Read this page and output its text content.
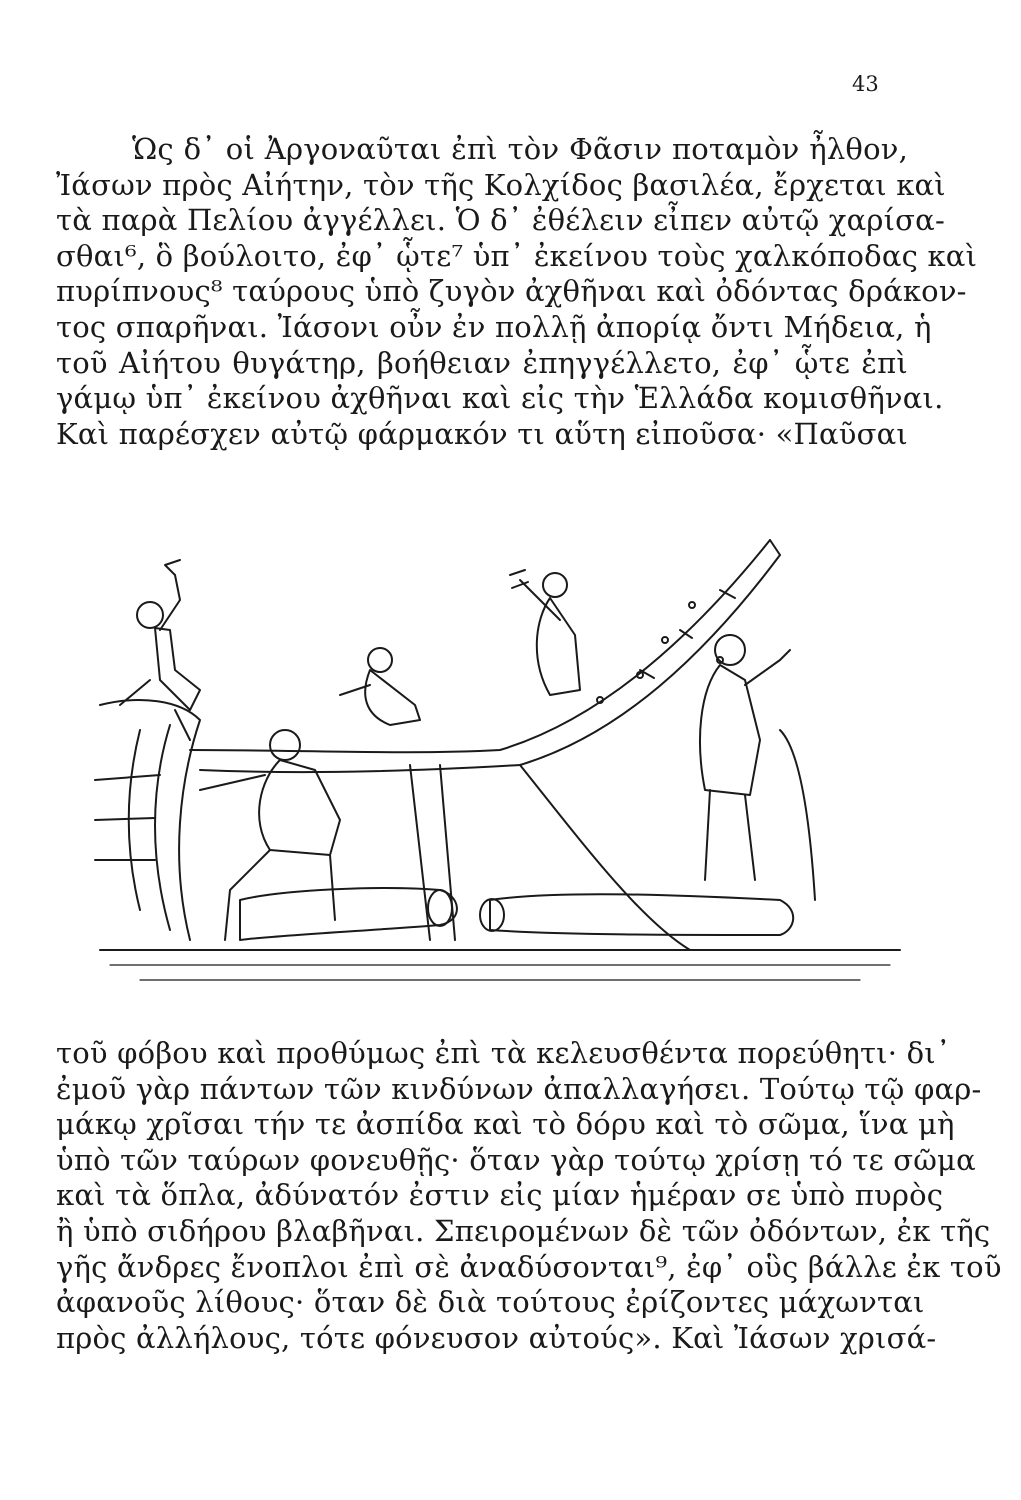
43
Ὡς δ᾽ οἱ Ἀργοναῦται ἐπὶ τὸν Φᾶσιν ποταμὸν ἦλθον,
Ἰάσων πρὸς Αἰήτην, τὸν τῆς Κολχίδος βασιλέα, ἔρχεται καὶ
τὰ παρὰ Πελίου ἀγγέλλει. Ὁ δ᾽ ἐθέλειν εἶπεν αὐτῷ χαρίσα-
σθαι⁶, ὃ βούλοιτο, ἐφ᾽ ᾧτε⁷ ὑπ᾽ ἐκείνου τοὺς χαλκόποδας καὶ
πυρίπνους⁸ ταύρους ὑπὸ ζυγὸν ἀχθῆναι καὶ ὀδόντας δράκον-
τος σπαρῆναι. Ἰάσονι οὖν ἐν πολλῇ ἀπορίᾳ ὄντι Μήδεια, ἡ
τοῦ Αἰήτου θυγάτηρ, βοήθειαν ἐπηγγέλλετο, ἐφ᾽ ᾧτε ἐπὶ
γάμῳ ὑπ᾽ ἐκείνου ἀχθῆναι καὶ εἰς τὴν Ἑλλάδα κομισθῆναι.
Καὶ παρέσχεν αὐτῷ φάρμακόν τι αὕτη εἰποῦσα· «Παῦσαι
τοῦ φόβου καὶ προθύμως ἐπὶ τὰ κελευσθέντα πορεύθητι· δι᾽
ἐμοῦ γὰρ πάντων τῶν κινδύνων ἀπαλλαγήσει. Τούτῳ τῷ φαρ-
μάκῳ χρῖσαι τήν τε ἀσπίδα καὶ τὸ δόρυ καὶ τὸ σῶμα, ἵνα μὴ
ὑπὸ τῶν ταύρων φονευθῇς· ὅταν γὰρ τούτῳ χρίσῃ τό τε σῶμα
καὶ τὰ ὅπλα, ἀδύνατόν ἐστιν εἰς μίαν ἡμέραν σε ὑπὸ πυρὸς
ἢ ὑπὸ σιδήρου βλαβῆναι. Σπειρομένων δὲ τῶν ὀδόντων, ἐκ τῆς
γῆς ἄνδρες ἔνοπλοι ἐπὶ σὲ ἀναδύσονται⁹, ἐφ᾽ οὓς βάλλε ἐκ τοῦ
ἀφανοῦς λίθους· ὅταν δὲ διὰ τούτους ἐρίζοντες μάχωνται
πρὸς ἀλλήλους, τότε φόνευσον αὐτούς». Καὶ Ἰάσων χρισά-
